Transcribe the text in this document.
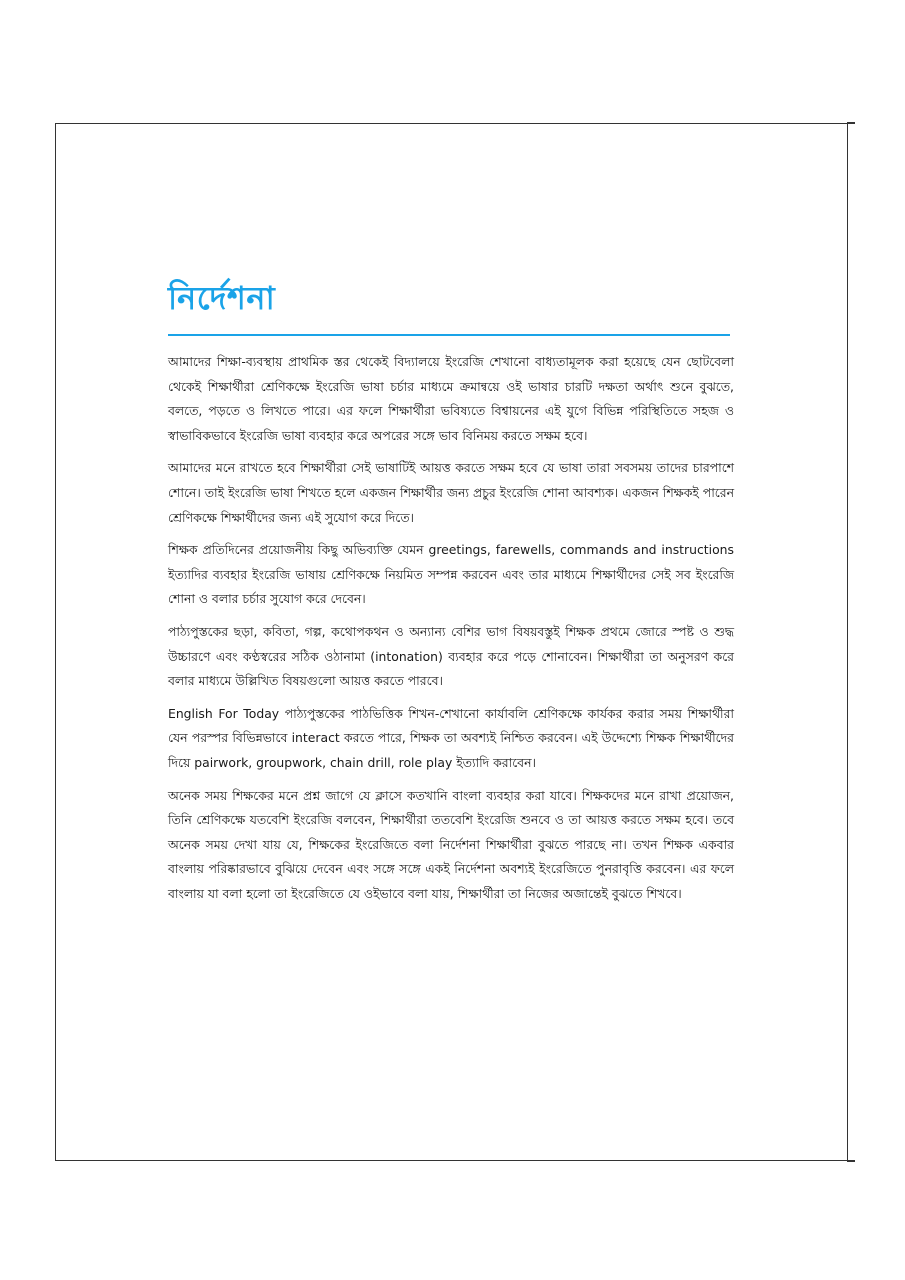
নির্দেশনা

আমাদের শিক্ষা-ব্যবস্থায় প্রাথমিক স্তর থেকেই বিদ্যালয়ে ইংরেজি শেখানো বাধ্যতামূলক করা হয়েছে যেন ছোটবেলা থেকেই শিক্ষার্থীরা শ্রেণিকক্ষে ইংরেজি ভাষা চর্চার মাধ্যমে ক্রমান্বয়ে ওই ভাষার চারটি দক্ষতা অর্থাৎ শুনে বুঝতে, বলতে, পড়তে ও লিখতে পারে। এর ফলে শিক্ষার্থীরা ভবিষ্যতে বিশ্বায়নের এই যুগে বিভিন্ন পরিস্থিতিতে সহজ ও স্বাভাবিকভাবে ইংরেজি ভাষা ব্যবহার করে অপরের সঙ্গে ভাব বিনিময় করতে সক্ষম হবে।

আমাদের মনে রাখতে হবে শিক্ষার্থীরা সেই ভাষাটিই আয়ত্ত করতে সক্ষম হবে যে ভাষা তারা সবসময় তাদের চারপাশে শোনে। তাই ইংরেজি ভাষা শিখতে হলে একজন শিক্ষার্থীর জন্য প্রচুর ইংরেজি শোনা আবশ্যক। একজন শিক্ষকই পারেন শ্রেণিকক্ষে শিক্ষার্থীদের জন্য এই সুযোগ করে দিতে।

শিক্ষক প্রতিদিনের প্রয়োজনীয় কিছু অভিব্যক্তি যেমন greetings, farewells, commands and instructions ইত্যাদির ব্যবহার ইংরেজি ভাষায় শ্রেণিকক্ষে নিয়মিত সম্পন্ন করবেন এবং তার মাধ্যমে শিক্ষার্থীদের সেই সব ইংরেজি শোনা ও বলার চর্চার সুযোগ করে দেবেন।

পাঠ্যপুস্তকের ছড়া, কবিতা, গল্প, কথোপকথন ও অন্যান্য বেশির ভাগ বিষয়বস্তুই শিক্ষক প্রথমে জোরে স্পষ্ট ও শুদ্ধ উচ্চারণে এবং কণ্ঠস্বরের সঠিক ওঠানামা (intonation) ব্যবহার করে পড়ে শোনাবেন। শিক্ষার্থীরা তা অনুসরণ করে বলার মাধ্যমে উল্লিখিত বিষয়গুলো আয়ত্ত করতে পারবে।

English For Today পাঠ্যপুস্তকের পাঠভিত্তিক শিখন-শেখানো কার্যাবলি শ্রেণিকক্ষে কার্যকর করার সময় শিক্ষার্থীরা যেন পরস্পর বিভিন্নভাবে interact করতে পারে, শিক্ষক তা অবশ্যই নিশ্চিত করবেন। এই উদ্দেশ্যে শিক্ষক শিক্ষার্থীদের দিয়ে pairwork, groupwork, chain drill, role play ইত্যাদি করাবেন।

অনেক সময় শিক্ষকের মনে প্রশ্ন জাগে যে ক্লাসে কতখানি বাংলা ব্যবহার করা যাবে। শিক্ষকদের মনে রাখা প্রয়োজন, তিনি শ্রেণিকক্ষে যতবেশি ইংরেজি বলবেন, শিক্ষার্থীরা ততবেশি ইংরেজি শুনবে ও তা আয়ত্ত করতে সক্ষম হবে। তবে অনেক সময় দেখা যায় যে, শিক্ষকের ইংরেজিতে বলা নির্দেশনা শিক্ষার্থীরা বুঝতে পারছে না। তখন শিক্ষক একবার বাংলায় পরিষ্কারভাবে বুঝিয়ে দেবেন এবং সঙ্গে সঙ্গে একই নির্দেশনা অবশ্যই ইংরেজিতে পুনরাবৃত্তি করবেন। এর ফলে বাংলায় যা বলা হলো তা ইংরেজিতে যে ওইভাবে বলা যায়, শিক্ষার্থীরা তা নিজের অজান্তেই বুঝতে শিখবে।
